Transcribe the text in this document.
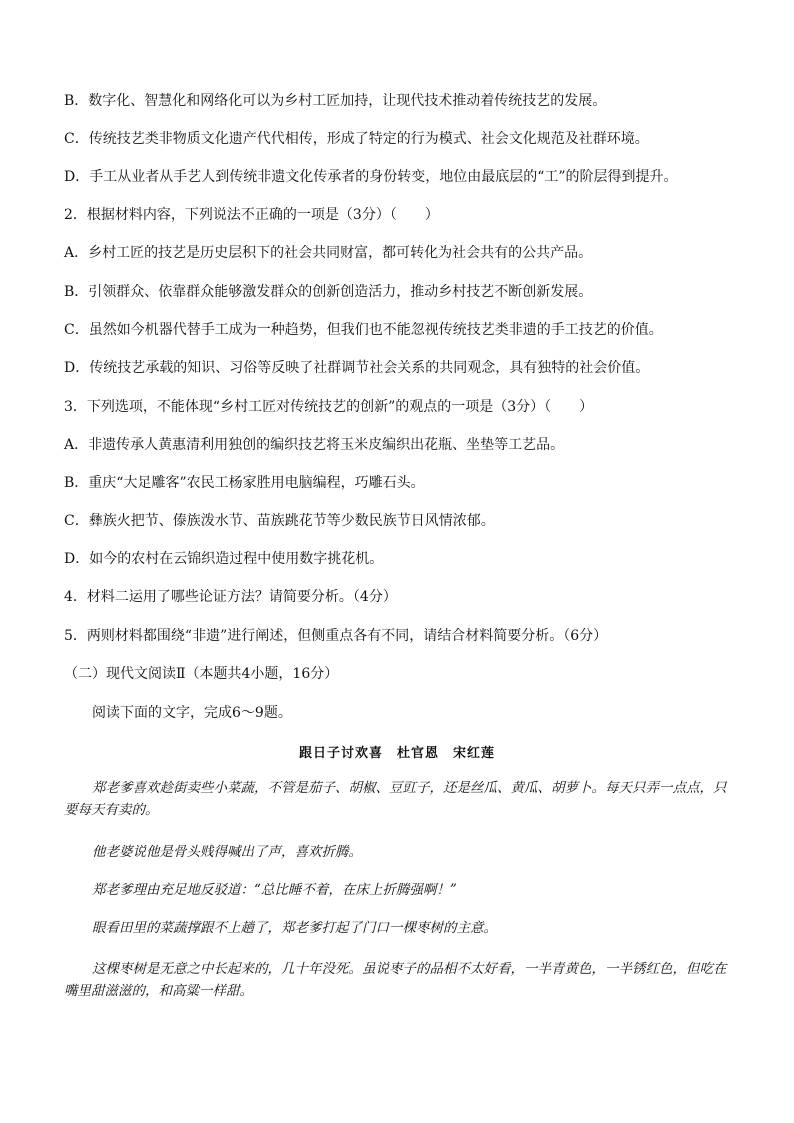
B．数字化、智慧化和网络化可以为乡村工匠加持，让现代技术推动着传统技艺的发展。
C．传统技艺类非物质文化遗产代代相传，形成了特定的行为模式、社会文化规范及社群环境。
D．手工从业者从手艺人到传统非遗文化传承者的身份转变，地位由最底层的“工”的阶层得到提升。
2．根据材料内容，下列说法不正确的一项是（3分）（　　）
A．乡村工匠的技艺是历史层积下的社会共同财富，都可转化为社会共有的公共产品。
B．引领群众、依靠群众能够激发群众的创新创造活力，推动乡村技艺不断创新发展。
C．虽然如今机器代替手工成为一种趋势，但我们也不能忽视传统技艺类非遗的手工技艺的价值。
D．传统技艺承载的知识、习俗等反映了社群调节社会关系的共同观念，具有独特的社会价值。
3．下列选项，不能体现“乡村工匠对传统技艺的创新”的观点的一项是（3分）（　　）
A．非遗传承人黄惠清利用独创的编织技艺将玉米皮编织出花瓶、坐垫等工艺品。
B．重庆“大足雕客”农民工杨家胜用电脑编程，巧雕石头。
C．彝族火把节、傣族泼水节、苗族跳花节等少数民族节日风情浓郁。
D．如今的农村在云锦织造过程中使用数字挑花机。
4．材料二运用了哪些论证方法？请简要分析。（4分）
5．两则材料都围绕“非遗”进行阐述，但侧重点各有不同，请结合材料简要分析。（6分）
（二）现代文阅读Ⅱ（本题共4小题，16分）
阅读下面的文字，完成6～9题。
跟日子讨欢喜　杜官恩　宋红莲
郑老爹喜欢趁街卖些小菜蔬，不管是茄子、胡椒、豆豇子，还是丝瓜、黄瓜、胡萝卜。每天只弄一点点，只要每天有卖的。
他老婆说他是骨头贱得喊出了声，喜欢折腾。
郑老爹理由充足地反驳道：“总比睡不着，在床上折腾强啊！”
眼看田里的菜蔬撑跟不上趟了，郑老爹打起了门口一棵枣树的主意。
这棵枣树是无意之中长起来的，几十年没死。虽说枣子的品相不太好看，一半青黄色，一半锈红色，但吃在嘴里甜滋滋的，和高粱一样甜。
